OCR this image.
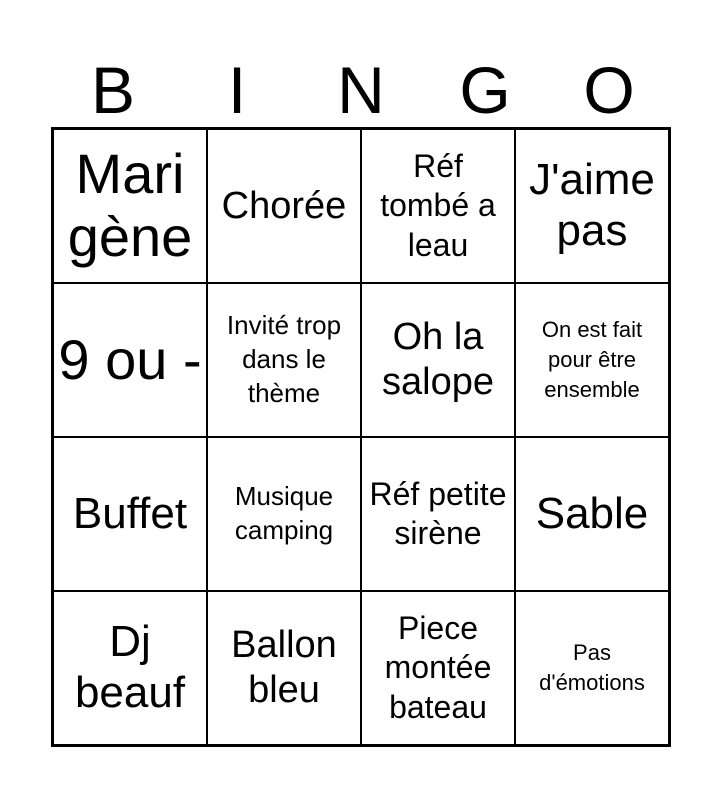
B	I	N	G	O
Mari gène Chorée
Réf tombé a leau
J'aime pas
9 ou -
Invité trop dans le thème
Oh la salope
On est fait pour être ensemble
Buffet	Musique camping
Réf petite sirène	Sable
Dj beauf
Ballon bleu
Piece montée bateau
Pas d'émotions
